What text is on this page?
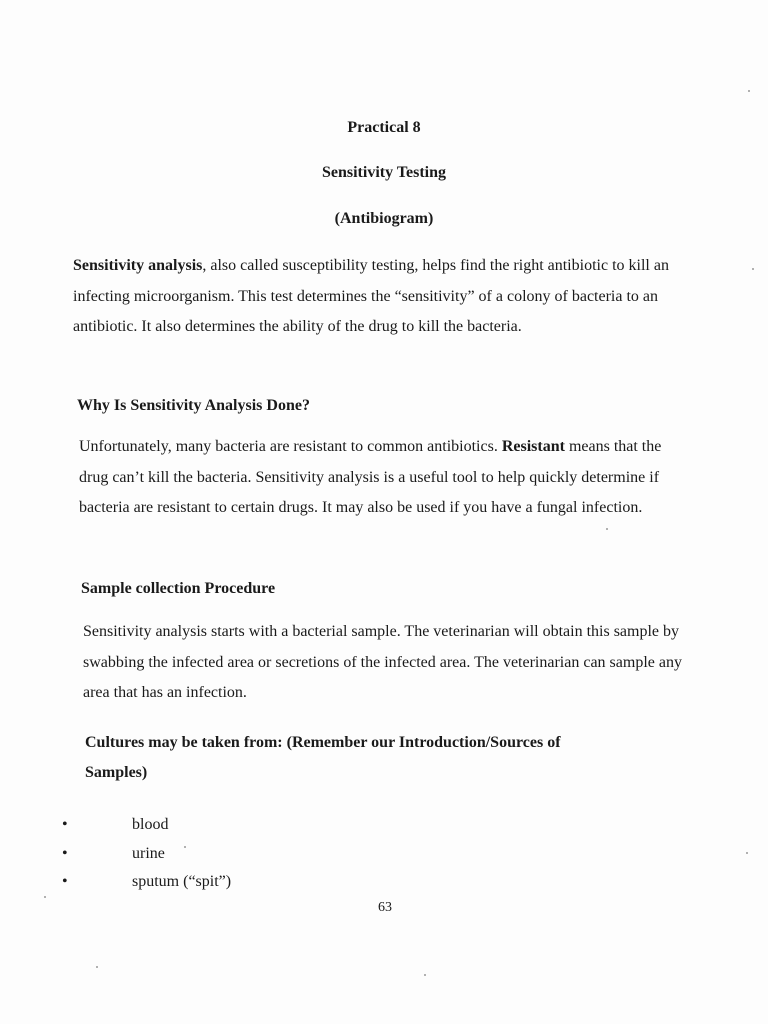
Practical 8
Sensitivity Testing
(Antibiogram)
Sensitivity analysis, also called susceptibility testing, helps find the right antibiotic to kill an infecting microorganism. This test determines the “sensitivity” of a colony of bacteria to an antibiotic. It also determines the ability of the drug to kill the bacteria.
Why Is Sensitivity Analysis Done?
Unfortunately, many bacteria are resistant to common antibiotics. Resistant means that the drug can’t kill the bacteria. Sensitivity analysis is a useful tool to help quickly determine if bacteria are resistant to certain drugs. It may also be used if you have a fungal infection.
Sample collection Procedure
Sensitivity analysis starts with a bacterial sample. The veterinarian will obtain this sample by swabbing the infected area or secretions of the infected area. The veterinarian can sample any area that has an infection.
Cultures may be taken from: (Remember our Introduction/Sources of
Samples)
•	blood
•	urine
•	sputum (“spit”)
63
